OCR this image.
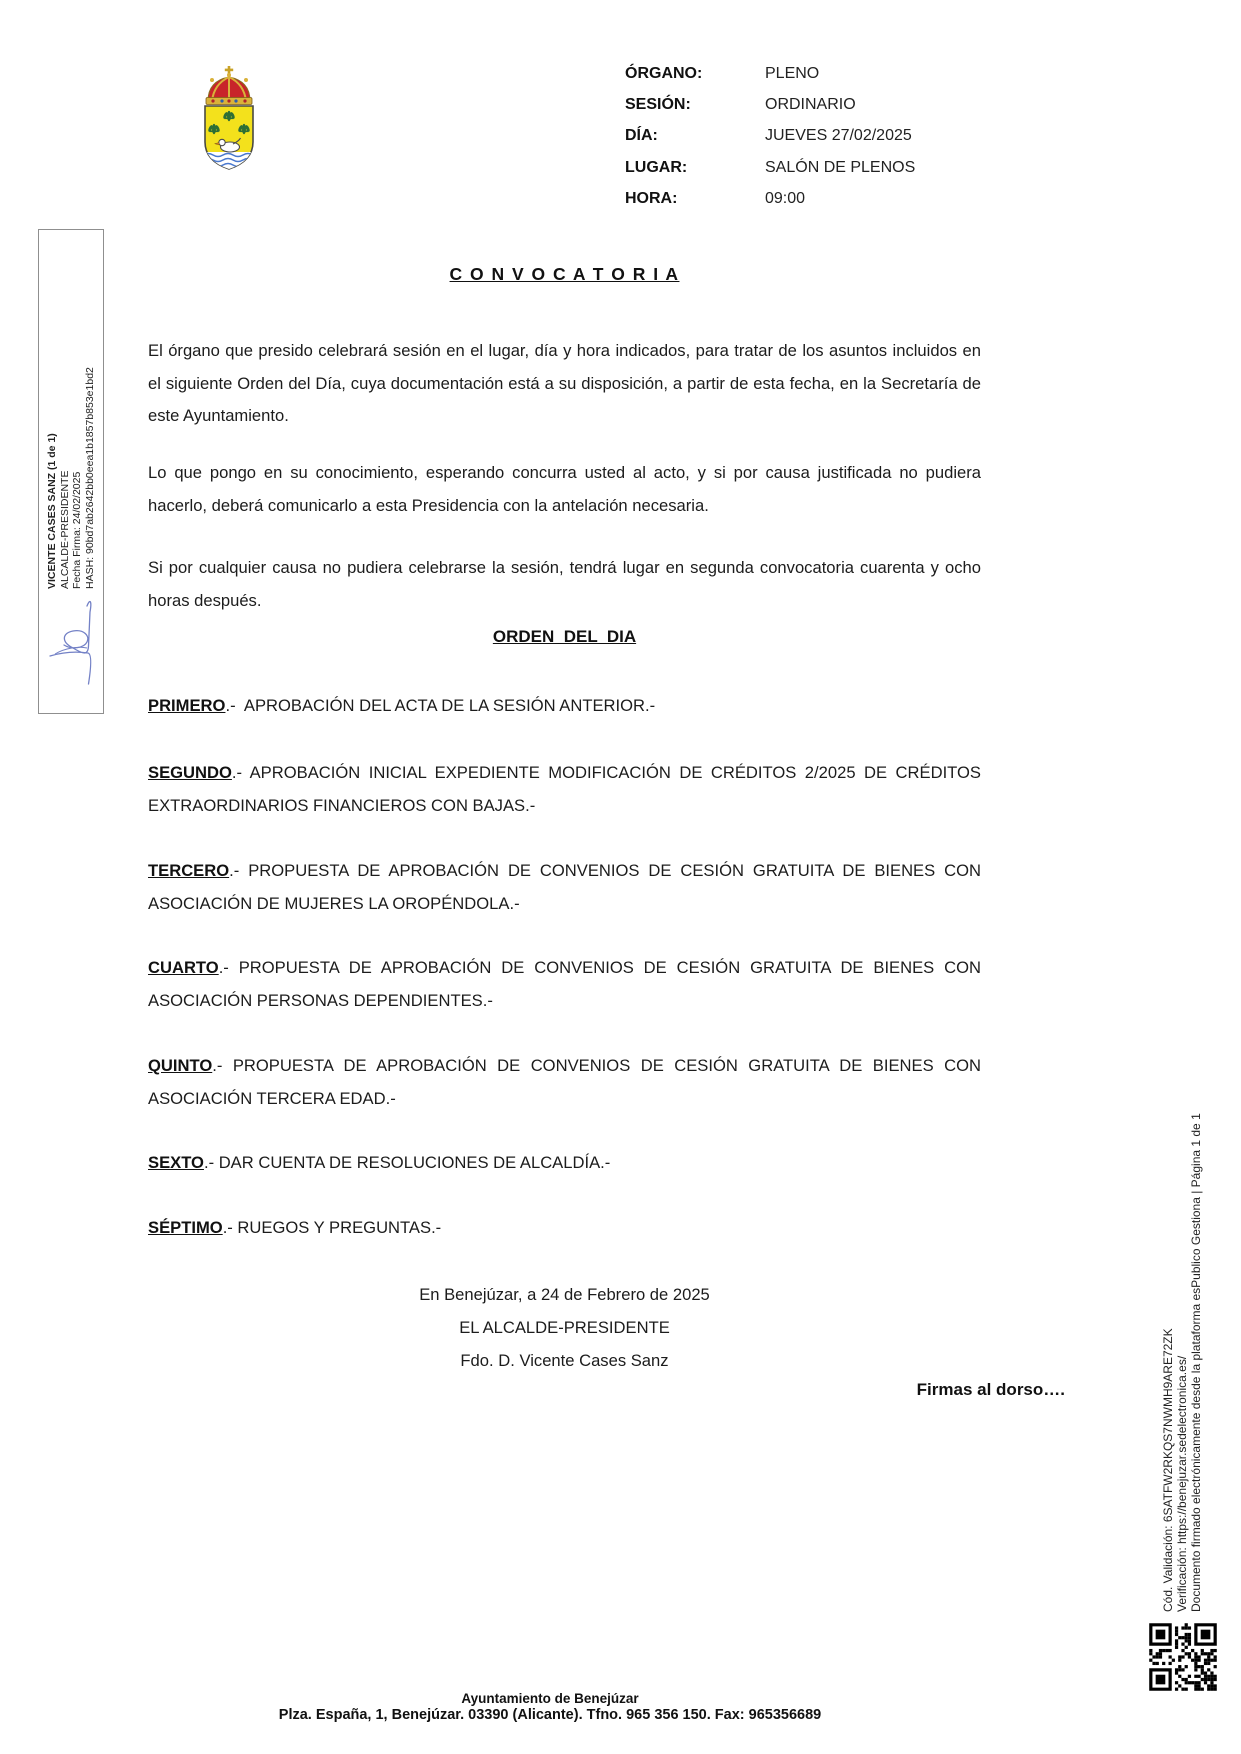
ÓRGANO:	PLENO
SESIÓN:	ORDINARIO
DÍA:	JUEVES 27/02/2025
LUGAR:	SALÓN DE PLENOS
HORA:	09:00
VICENTE CASES SANZ (1 de 1) ALCALDE-PRESIDENTE Fecha Firma: 24/02/2025 HASH: 90bd7ab2642bb0eea1b1857b853e1bd2
C O N V O C A T O R I A
El órgano que presido celebrará sesión en el lugar, día y hora indicados, para tratar de los asuntos incluidos en el siguiente Orden del Día, cuya documentación está a su disposición, a partir de esta fecha, en la Secretaría de este Ayuntamiento.
Lo que pongo en su conocimiento, esperando concurra usted al acto, y si por causa justificada no pudiera hacerlo, deberá comunicarlo a esta Presidencia con la antelación necesaria.
Si por cualquier causa no pudiera celebrarse la sesión, tendrá lugar en segunda convocatoria cuarenta y ocho horas después.
ORDEN  DEL  DIA
PRIMERO.-  APROBACIÓN DEL ACTA DE LA SESIÓN ANTERIOR.-
SEGUNDO.- APROBACIÓN INICIAL EXPEDIENTE MODIFICACIÓN DE CRÉDITOS 2/2025 DE CRÉDITOS EXTRAORDINARIOS FINANCIEROS CON BAJAS.-
TERCERO.- PROPUESTA DE APROBACIÓN DE CONVENIOS DE CESIÓN GRATUITA DE BIENES CON ASOCIACIÓN DE MUJERES LA OROPÉNDOLA.-
CUARTO.- PROPUESTA DE APROBACIÓN DE CONVENIOS DE CESIÓN GRATUITA DE BIENES CON ASOCIACIÓN PERSONAS DEPENDIENTES.-
QUINTO.- PROPUESTA DE APROBACIÓN DE CONVENIOS DE CESIÓN GRATUITA DE BIENES CON ASOCIACIÓN TERCERA EDAD.-
SEXTO.- DAR CUENTA DE RESOLUCIONES DE ALCALDÍA.-
SÉPTIMO.- RUEGOS Y PREGUNTAS.-
En Benejúzar, a 24 de Febrero de 2025
EL ALCALDE-PRESIDENTE
Fdo. D. Vicente Cases Sanz
Firmas al dorso….	Cód. Validación: 6SATFW2RKQS7NWMH9ARE72ZK Verificación: https://benejuzar.sedelectronica.es/ Documento firmado electrónicamente desde la plataforma esPublico Gestiona | Página 1 de 1
Ayuntamiento de Benejúzar
Plza. España, 1, Benejúzar. 03390 (Alicante). Tfno. 965 356 150. Fax: 965356689
